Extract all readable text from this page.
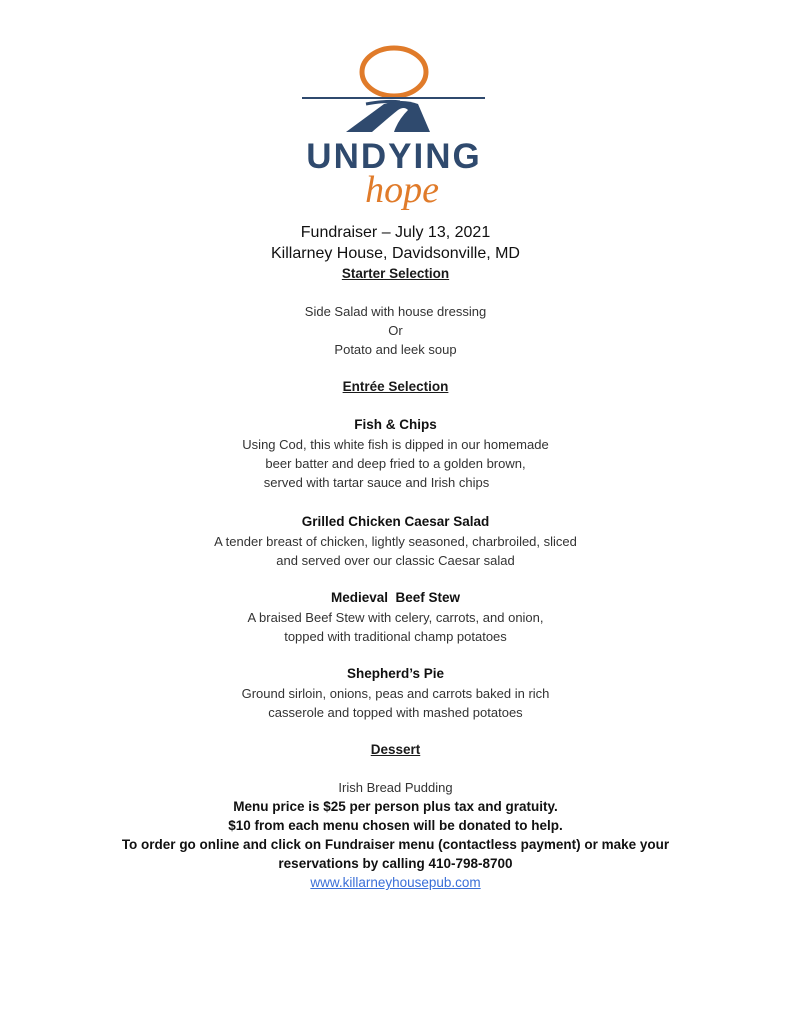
UNDYING
hope
Fundraiser – July 13, 2021
Killarney House, Davidsonville, MD
Starter Selection
Side Salad with house dressing
Or
Potato and leek soup
Entrée Selection
Fish & Chips
Using Cod, this white fish is dipped in our homemade
beer batter and deep fried to a golden brown,
served with tartar sauce and Irish chips
Grilled Chicken Caesar Salad
A tender breast of chicken, lightly seasoned, charbroiled, sliced
and served over our classic Caesar salad
Medieval  Beef Stew
A braised Beef Stew with celery, carrots, and onion,
topped with traditional champ potatoes
Shepherd’s Pie
Ground sirloin, onions, peas and carrots baked in rich
casserole and topped with mashed potatoes
Dessert
Irish Bread Pudding
Menu price is $25 per person plus tax and gratuity.
$10 from each menu chosen will be donated to help.
To order go online and click on Fundraiser menu (contactless payment) or make your
reservations by calling 410-798-8700
www.killarneyhousepub.com
